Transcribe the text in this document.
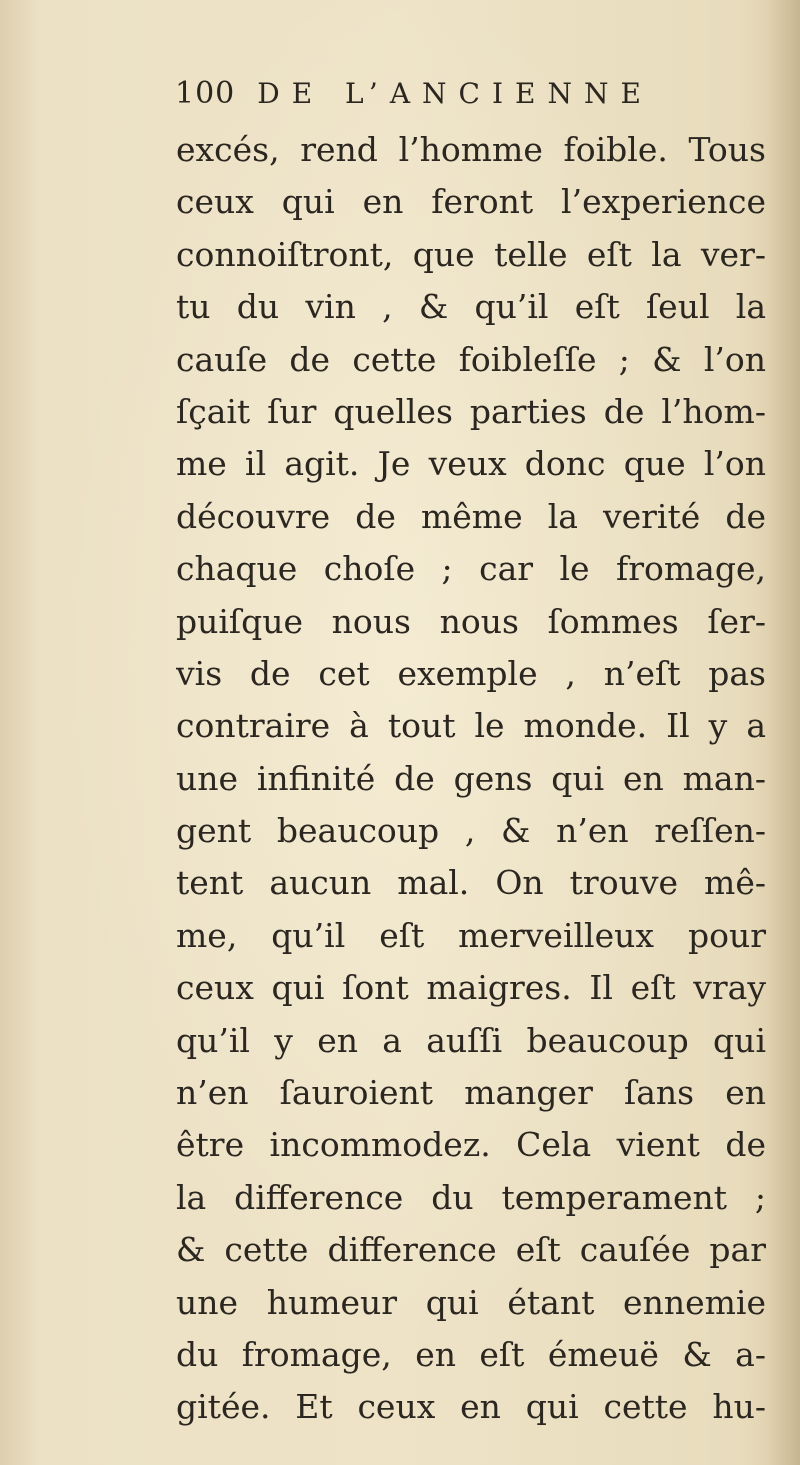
100 DE L’ANCIENNE
excés, rend l’homme foible. Tous
ceux qui en feront l’experience
connoiſtront, que telle eſt la ver-
tu du vin , & qu’il eſt ſeul la
cauſe de cette foibleſſe ; & l’on
ſçait ſur quelles parties de l’hom-
me il agit. Je veux donc que l’on
découvre de même la verité de
chaque choſe ; car le fromage,
puiſque nous nous ſommes ſer-
vis de cet exemple , n’eſt pas
contraire à tout le monde. Il y a
une infinité de gens qui en man-
gent beaucoup , & n’en reſſen-
tent aucun mal. On trouve mê-
me, qu’il eſt merveilleux pour
ceux qui ſont maigres. Il eſt vray
qu’il y en a auſſi beaucoup qui
n’en ſauroient manger ſans en
être incommodez. Cela vient de
la difference du temperament ;
& cette difference eſt cauſée par
une humeur qui étant ennemie
du fromage, en eſt émeuë & a-
gitée. Et ceux en qui cette hu-
